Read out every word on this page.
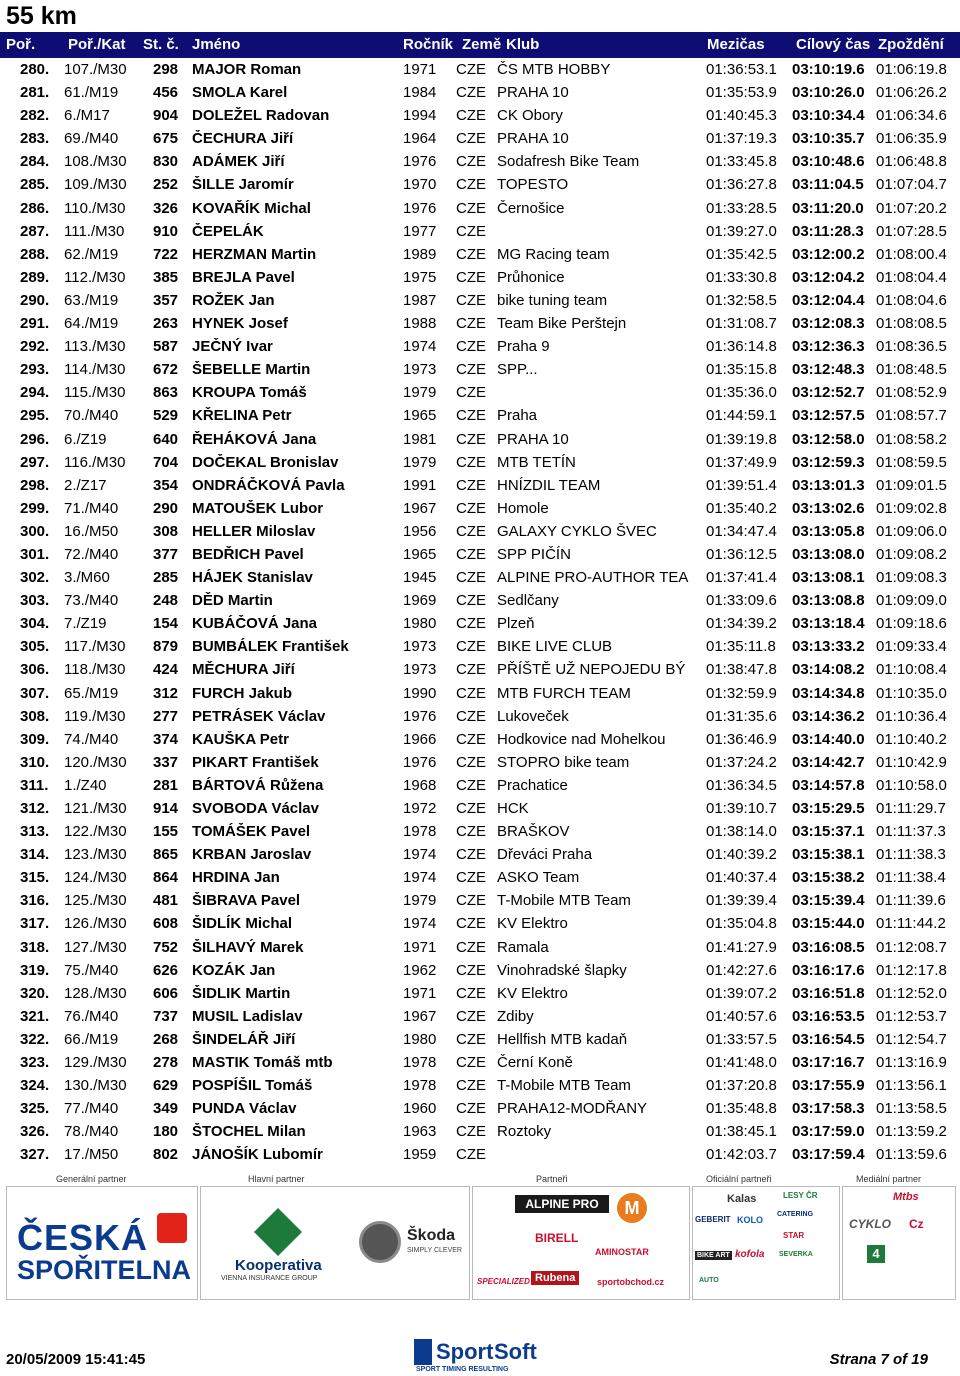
55 km
Poř. Poř./Kat St. č. Jméno	Ročník Země Klub	Mezičas Cílový čas Zpoždění
280. 107./M30	298 MAJOR Roman	1971	CZE ČS MTB HOBBY	01:36:53.1	03:10:19.6 01:06:19.8
281. 61./M19	456 SMOLA Karel	1984	CZE PRAHA 10	01:35:53.9	03:10:26.0 01:06:26.2
282. 6./M17	904 DOLEŽEL Radovan	1994	CZE CK Obory	01:40:45.3	03:10:34.4 01:06:34.6
283. 69./M40	675 ČECHURA Jiří	1964	CZE PRAHA 10	01:37:19.3	03:10:35.7 01:06:35.9
284. 108./M30	830 ADÁMEK Jiří	1976	CZE Sodafresh Bike Team	01:33:45.8	03:10:48.6 01:06:48.8
285. 109./M30	252 ŠILLE Jaromír	1970	CZE TOPESTO	01:36:27.8	03:11:04.5 01:07:04.7
286. 110./M30	326 KOVAŘÍK Michal	1976	CZE Černošice	01:33:28.5	03:11:20.0 01:07:20.2
287. 111./M30	910 ČEPELÁK	1977	CZE	01:39:27.0	03:11:28.3 01:07:28.5
288. 62./M19	722 HERZMAN Martin	1989	CZE MG Racing team	01:35:42.5	03:12:00.2 01:08:00.4
289. 112./M30	385 BREJLA Pavel	1975	CZE Průhonice	01:33:30.8	03:12:04.2 01:08:04.4
290. 63./M19	357 ROŽEK Jan	1987	CZE bike tuning team	01:32:58.5	03:12:04.4 01:08:04.6
291. 64./M19	263 HYNEK Josef	1988	CZE Team Bike Perštejn	01:31:08.7	03:12:08.3 01:08:08.5
292. 113./M30	587 JEČNÝ Ivar	1974	CZE Praha 9	01:36:14.8	03:12:36.3 01:08:36.5
293. 114./M30	672 ŠEBELLE Martin	1973	CZE SPP...	01:35:15.8	03:12:48.3 01:08:48.5
294. 115./M30	863 KROUPA Tomáš	1979	CZE	01:35:36.0	03:12:52.7 01:08:52.9
295. 70./M40	529 KŘELINA Petr	1965	CZE Praha	01:44:59.1	03:12:57.5 01:08:57.7
296. 6./Z19	640 ŘEHÁKOVÁ Jana	1981	CZE PRAHA 10	01:39:19.8	03:12:58.0 01:08:58.2
297. 116./M30	704 DOČEKAL Bronislav	1979	CZE MTB TETÍN	01:37:49.9	03:12:59.3 01:08:59.5
298. 2./Z17	354 ONDRÁČKOVÁ Pavla	1991	CZE HNÍZDIL TEAM	01:39:51.4	03:13:01.3 01:09:01.5
299. 71./M40	290 MATOUŠEK Lubor	1967	CZE Homole	01:35:40.2	03:13:02.6 01:09:02.8
300. 16./M50	308 HELLER Miloslav	1956	CZE GALAXY CYKLO ŠVEC	01:34:47.4	03:13:05.8 01:09:06.0
301. 72./M40	377 BEDŘICH Pavel	1965	CZE SPP PIČÍN	01:36:12.5	03:13:08.0 01:09:08.2
302. 3./M60	285 HÁJEK Stanislav	1945	CZE ALPINE PRO-AUTHOR TEA 01:37:41.4	03:13:08.1 01:09:08.3
303. 73./M40	248 DĚD Martin	1969	CZE Sedlčany	01:33:09.6	03:13:08.8 01:09:09.0
304. 7./Z19	154 KUBÁČOVÁ Jana	1980	CZE Plzeň	01:34:39.2	03:13:18.4 01:09:18.6
305. 117./M30	879 BUMBÁLEK František	1973	CZE BIKE LIVE CLUB	01:35:11.8	03:13:33.2 01:09:33.4
306. 118./M30	424 MĚCHURA Jiří	1973	CZE PŘÍŠTĚ UŽ NEPOJEDU BÝ	01:38:47.8	03:14:08.2 01:10:08.4
307. 65./M19	312 FURCH Jakub	1990	CZE MTB FURCH TEAM	01:32:59.9	03:14:34.8 01:10:35.0
308. 119./M30	277 PETRÁSEK Václav	1976	CZE Lukoveček	01:31:35.6	03:14:36.2 01:10:36.4
309. 74./M40	374 KAUŠKA Petr	1966	CZE Hodkovice nad Mohelkou	01:36:46.9	03:14:40.0 01:10:40.2
310. 120./M30	337 PIKART František	1976	CZE STOPRO bike team	01:37:24.2	03:14:42.7 01:10:42.9
311.	1./Z40	281 BÁRTOVÁ Růžena	1968	CZE Prachatice	01:36:34.5	03:14:57.8 01:10:58.0
312. 121./M30	914 SVOBODA Václav	1972	CZE HCK	01:39:10.7	03:15:29.5 01:11:29.7
313. 122./M30	155 TOMÁŠEK Pavel	1978	CZE BRAŠKOV	01:38:14.0	03:15:37.1 01:11:37.3
314. 123./M30	865 KRBAN Jaroslav	1974	CZE Dřeváci Praha	01:40:39.2	03:15:38.1 01:11:38.3
315. 124./M30	864 HRDINA Jan	1974	CZE ASKO Team	01:40:37.4	03:15:38.2 01:11:38.4
316. 125./M30	481 ŠIBRAVA Pavel	1979	CZE T-Mobile MTB Team	01:39:39.4	03:15:39.4 01:11:39.6
317. 126./M30	608 ŠIDLÍK Michal	1974	CZE KV Elektro	01:35:04.8	03:15:44.0 01:11:44.2
318. 127./M30	752 ŠILHAVÝ Marek	1971	CZE Ramala	01:41:27.9	03:16:08.5 01:12:08.7
319. 75./M40	626 KOZÁK Jan	1962	CZE Vinohradské šlapky	01:42:27.6	03:16:17.6 01:12:17.8
320. 128./M30	606 ŠIDLIK Martin	1971	CZE KV Elektro	01:39:07.2	03:16:51.8 01:12:52.0
321. 76./M40	737 MUSIL Ladislav	1967	CZE Zdiby	01:40:57.6	03:16:53.5 01:12:53.7
322. 66./M19	268 ŠINDELÁŘ Jiří	1980	CZE Hellfish MTB kadaň	01:33:57.5	03:16:54.5 01:12:54.7
323. 129./M30	278 MASTIK Tomáš mtb	1978	CZE Černí Koně	01:41:48.0	03:17:16.7 01:13:16.9
324. 130./M30	629 POSPÍŠIL Tomáš	1978	CZE T-Mobile MTB Team	01:37:20.8	03:17:55.9 01:13:56.1
325. 77./M40	349 PUNDA Václav	1960	CZE PRAHA12-MODŘANY	01:35:48.8	03:17:58.3 01:13:58.5
326. 78./M40	180 ŠTOCHEL Milan	1963	CZE Roztoky	01:38:45.1	03:17:59.0 01:13:59.2
327. 17./M50	802 JÁNOŠÍK Lubomír	1959	CZE	01:42:03.7	03:17:59.4 01:13:59.6
Generální partner	Hlavní partner	Partneři	Oficiální partneři	Mediální partner
ČESKÁ
SPOŘITELNA	Kooperativa
VIENNA INSURANCE GROUP
Škoda
SIMPLY CLEVER
ALPINE PRO
BIRELL
Rubena
SPECIALIZED
AMINOSTAR
sportobchod.cz
M	Kalas	LESY ČR
CATERING
GEBERIT KOLO
STAR
BIKE ART kofola SEVERKA
AUTO
CYKLO
4
Mtbs
Cz
20/05/2009 15:41:45	Sport Soft
SPORT TIMING RESULTING
Strana 7 of 19
